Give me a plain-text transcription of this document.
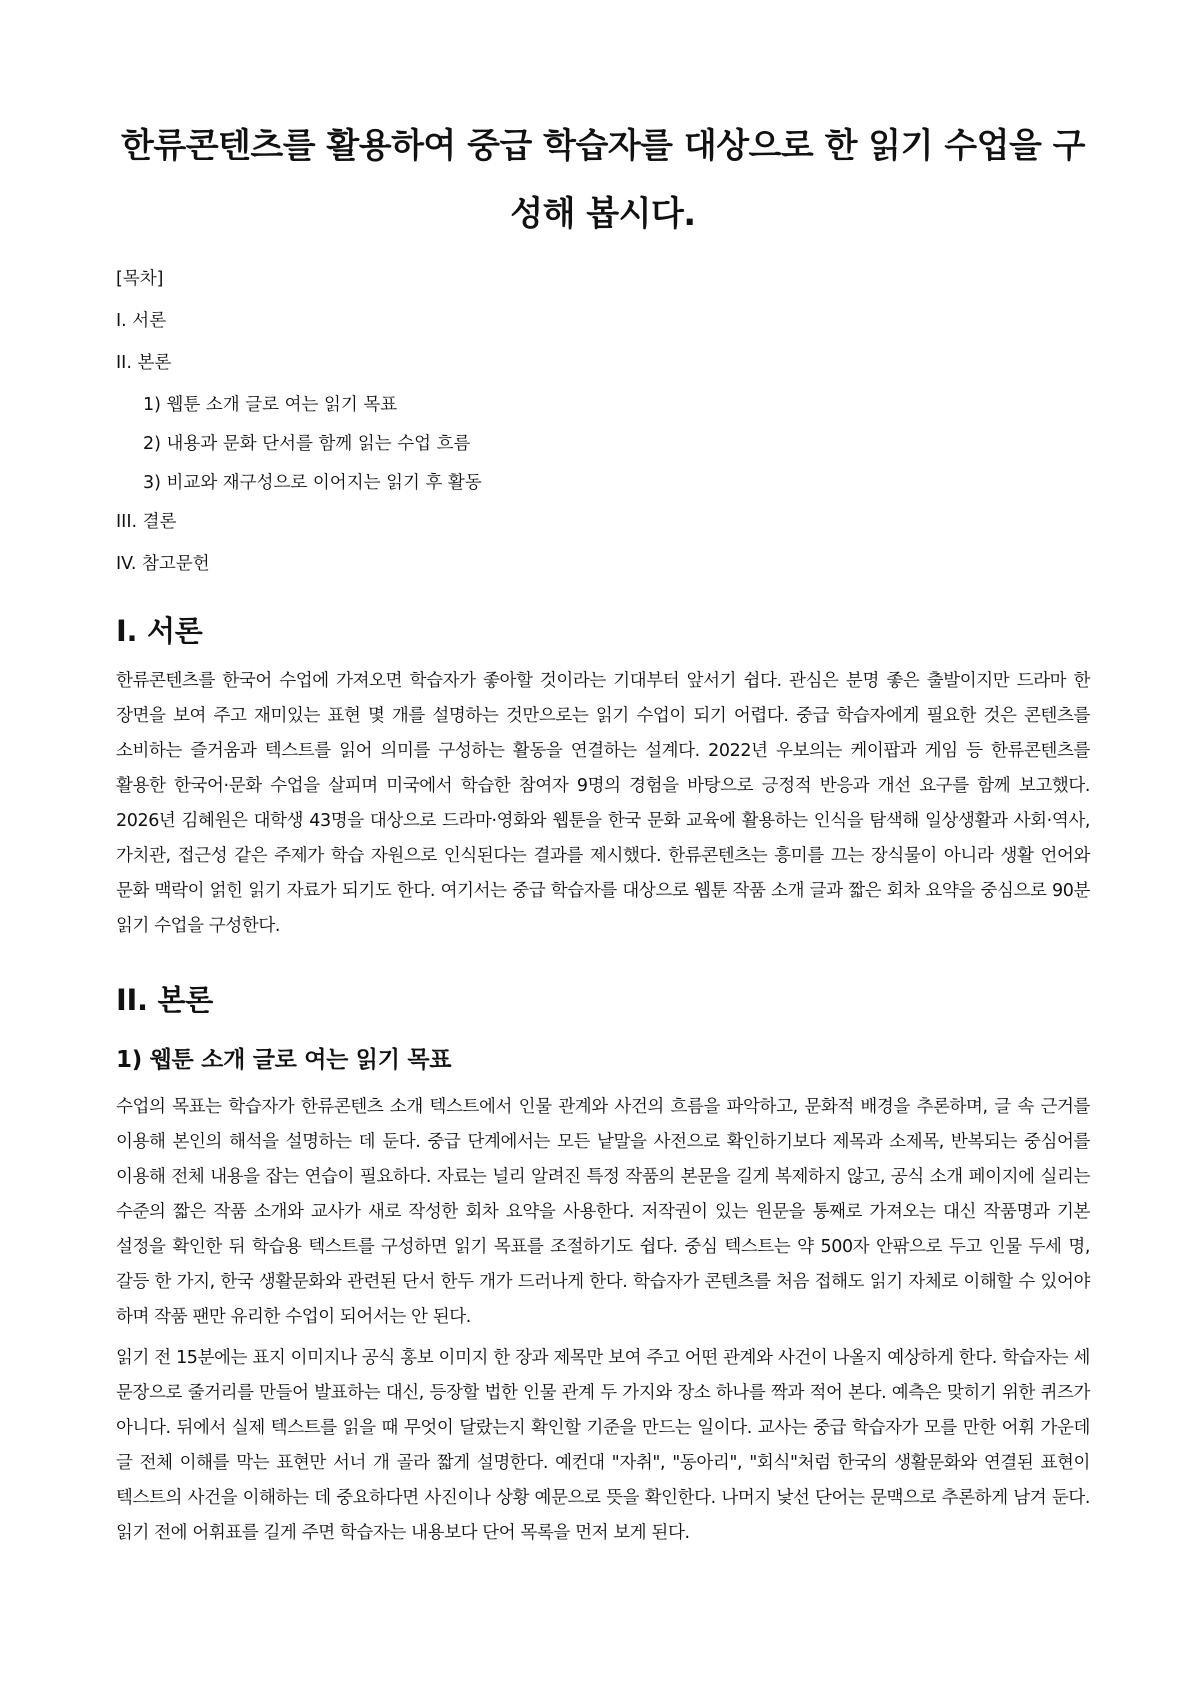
한류콘텐츠를 활용하여 중급 학습자를 대상으로 한 읽기 수업을 구성해 봅시다.
[목차]
I. 서론
II. 본론
1) 웹툰 소개 글로 여는 읽기 목표
2) 내용과 문화 단서를 함께 읽는 수업 흐름
3) 비교와 재구성으로 이어지는 읽기 후 활동
III. 결론
IV. 참고문헌
I. 서론

한류콘텐츠를 한국어 수업에 가져오면 학습자가 좋아할 것이라는 기대부터 앞서기 쉽다. 관심은 분명 좋은 출발이지만 드라마 한 장면을 보여 주고 재미있는 표현 몇 개를 설명하는 것만으로는 읽기 수업이 되기 어렵다. 중급 학습자에게 필요한 것은 콘텐츠를 소비하는 즐거움과 텍스트를 읽어 의미를 구성하는 활동을 연결하는 설계다. 2022년 우보의는 케이팝과 게임 등 한류콘텐츠를 활용한 한국어·문화 수업을 살피며 미국에서 학습한 참여자 9명의 경험을 바탕으로 긍정적 반응과 개선 요구를 함께 보고했다. 2026년 김혜원은 대학생 43명을 대상으로 드라마·영화와 웹툰을 한국 문화 교육에 활용하는 인식을 탐색해 일상생활과 사회·역사, 가치관, 접근성 같은 주제가 학습 자원으로 인식된다는 결과를 제시했다. 한류콘텐츠는 흥미를 끄는 장식물이 아니라 생활 언어와 문화 맥락이 얽힌 읽기 자료가 되기도 한다. 여기서는 중급 학습자를 대상으로 웹툰 작품 소개 글과 짧은 회차 요약을 중심으로 90분 읽기 수업을 구성한다.

II. 본론
1) 웹툰 소개 글로 여는 읽기 목표

수업의 목표는 학습자가 한류콘텐츠 소개 텍스트에서 인물 관계와 사건의 흐름을 파악하고, 문화적 배경을 추론하며, 글 속 근거를 이용해 본인의 해석을 설명하는 데 둔다. 중급 단계에서는 모든 낱말을 사전으로 확인하기보다 제목과 소제목, 반복되는 중심어를 이용해 전체 내용을 잡는 연습이 필요하다. 자료는 널리 알려진 특정 작품의 본문을 길게 복제하지 않고, 공식 소개 페이지에 실리는 수준의 짧은 작품 소개와 교사가 새로 작성한 회차 요약을 사용한다. 저작권이 있는 원문을 통째로 가져오는 대신 작품명과 기본 설정을 확인한 뒤 학습용 텍스트를 구성하면 읽기 목표를 조절하기도 쉽다. 중심 텍스트는 약 500자 안팎으로 두고 인물 두세 명, 갈등 한 가지, 한국 생활문화와 관련된 단서 한두 개가 드러나게 한다. 학습자가 콘텐츠를 처음 접해도 읽기 자체로 이해할 수 있어야 하며 작품 팬만 유리한 수업이 되어서는 안 된다.

읽기 전 15분에는 표지 이미지나 공식 홍보 이미지 한 장과 제목만 보여 주고 어떤 관계와 사건이 나올지 예상하게 한다. 학습자는 세 문장으로 줄거리를 만들어 발표하는 대신, 등장할 법한 인물 관계 두 가지와 장소 하나를 짝과 적어 본다. 예측은 맞히기 위한 퀴즈가 아니다. 뒤에서 실제 텍스트를 읽을 때 무엇이 달랐는지 확인할 기준을 만드는 일이다. 교사는 중급 학습자가 모를 만한 어휘 가운데 글 전체 이해를 막는 표현만 서너 개 골라 짧게 설명한다. 예컨대 "자취", "동아리", "회식"처럼 한국의 생활문화와 연결된 표현이 텍스트의 사건을 이해하는 데 중요하다면 사진이나 상황 예문으로 뜻을 확인한다. 나머지 낯선 단어는 문맥으로 추론하게 남겨 둔다. 읽기 전에 어휘표를 길게 주면 학습자는 내용보다 단어 목록을 먼저 보게 된다.
